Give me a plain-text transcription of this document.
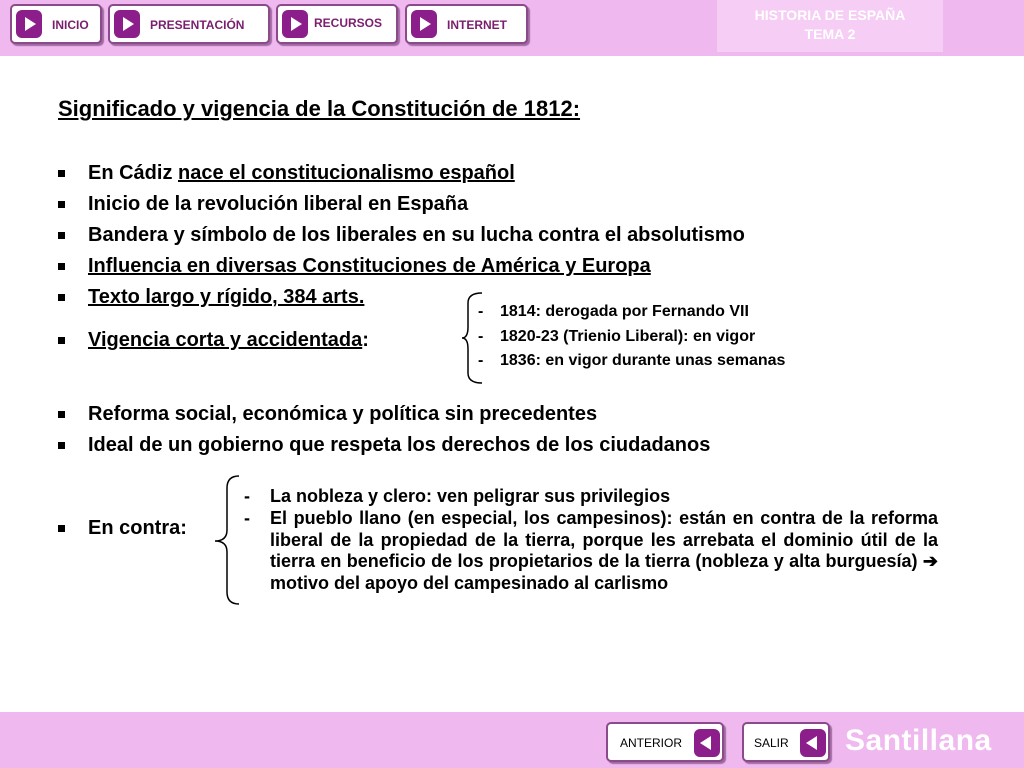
INICIO	PRESENTACIÓN	RECURSOS	INTERNET
HISTORIA DE ESPAÑA
TEMA 2
Significado y vigencia de la Constitución de 1812:
En Cádiz nace el constitucionalismo español
Inicio de la revolución liberal en España
Bandera y símbolo de los liberales en su lucha contra el absolutismo
Influencia en diversas Constituciones de América y Europa
Texto largo y rígido, 384 arts.
Vigencia corta y accidentada:
- 1814: derogada por Fernando VII
- 1820-23 (Trienio Liberal): en vigor
- 1836: en vigor durante unas semanas
Reforma social, económica y política sin precedentes
Ideal de un gobierno que respeta los derechos de los ciudadanos
En contra:
- La nobleza y clero: ven peligrar sus privilegios
- El pueblo llano (en especial, los campesinos): están en contra de la reforma liberal de la propiedad de la tierra, porque les arrebata el dominio útil de la tierra en beneficio de los propietarios de la tierra (nobleza y alta burguesía) ➔ motivo del apoyo del campesinado al carlismo
ANTERIOR	SALIR Santillana
